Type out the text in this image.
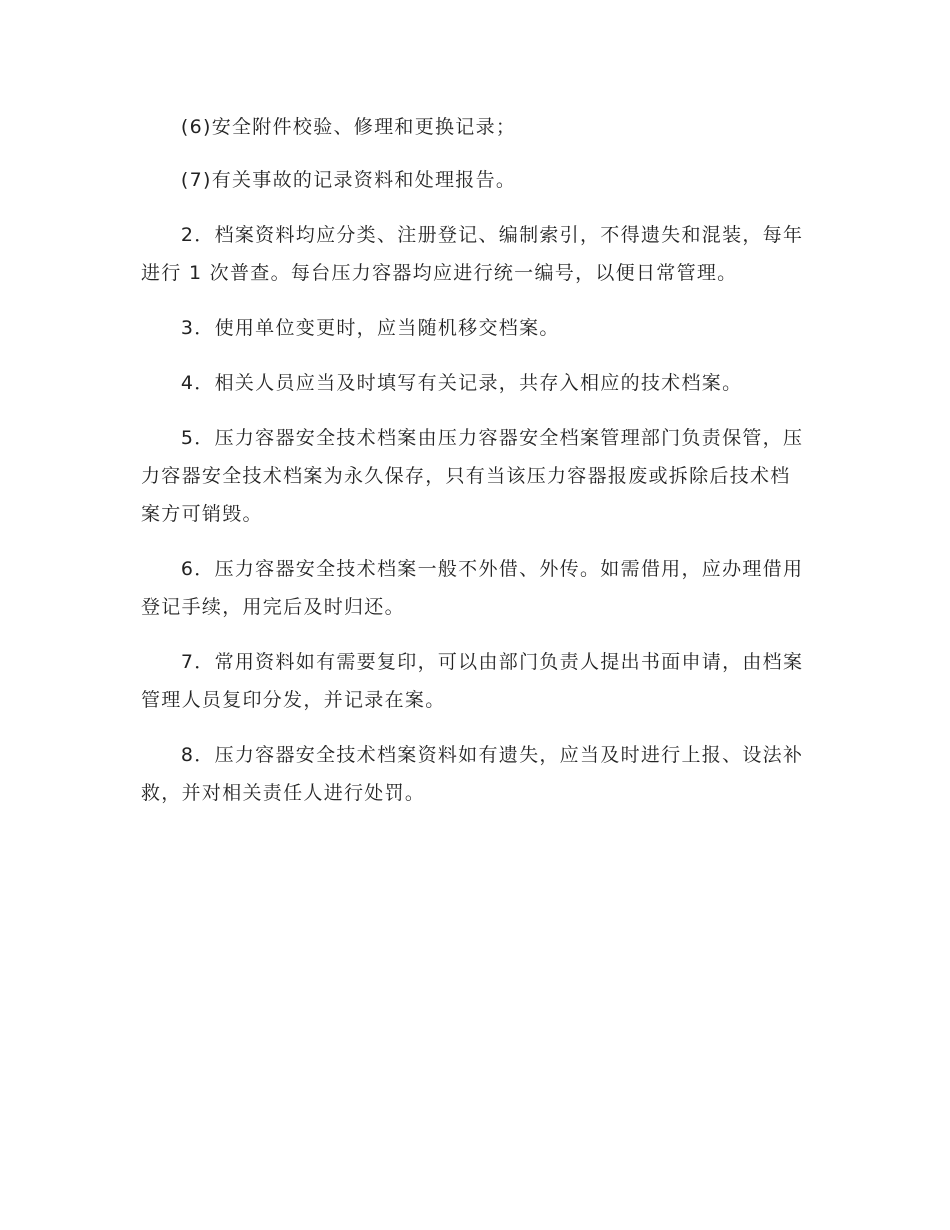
(6)安全附件校验、修理和更换记录；

(7)有关事故的记录资料和处理报告。

2．档案资料均应分类、注册登记、编制索引，不得遗失和混装，每年进行 1 次普查。每台压力容器均应进行统一编号，以便日常管理。

3．使用单位变更时，应当随机移交档案。

4．相关人员应当及时填写有关记录，共存入相应的技术档案。

5．压力容器安全技术档案由压力容器安全档案管理部门负责保管，压力容器安全技术档案为永久保存，只有当该压力容器报废或拆除后技术档案方可销毁。

6．压力容器安全技术档案一般不外借、外传。如需借用，应办理借用登记手续，用完后及时归还。

7．常用资料如有需要复印，可以由部门负责人提出书面申请，由档案管理人员复印分发，并记录在案。

8．压力容器安全技术档案资料如有遗失，应当及时进行上报、设法补救，并对相关责任人进行处罚。
